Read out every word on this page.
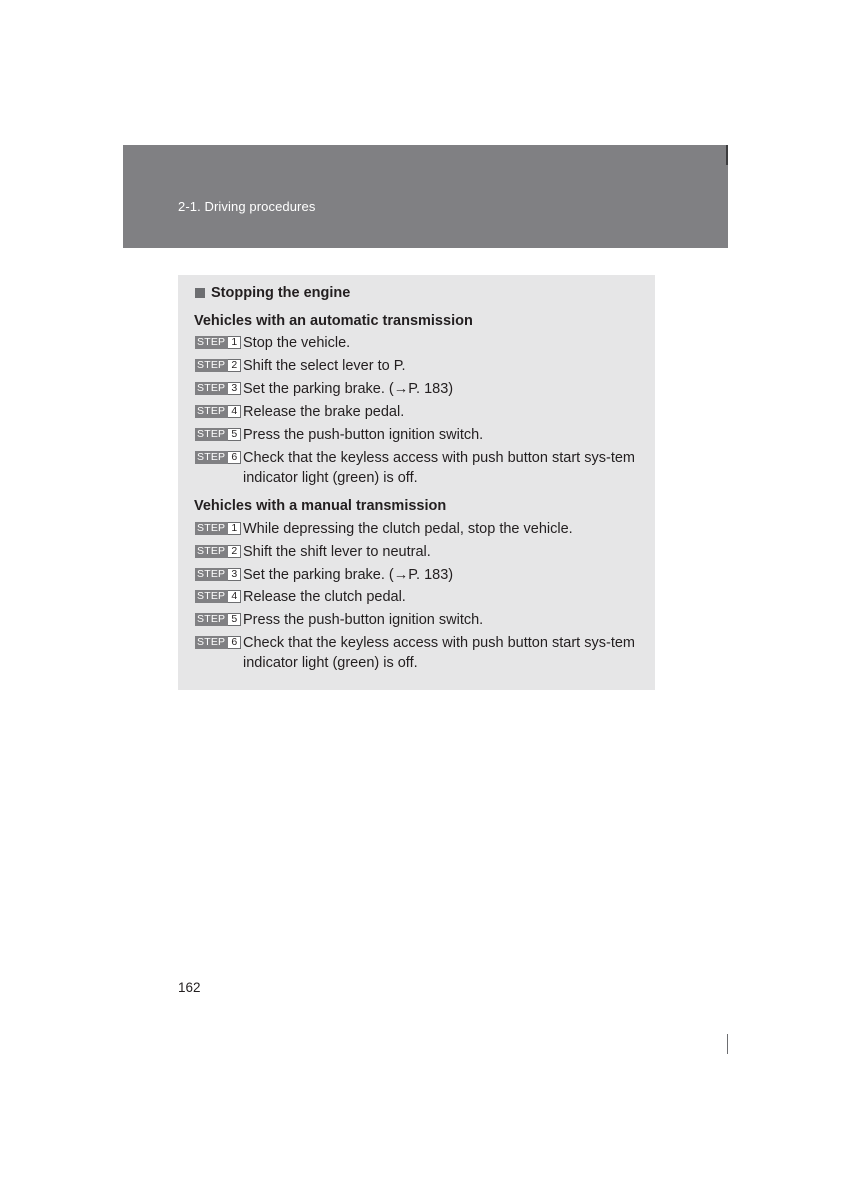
2-1. Driving procedures
Stopping the engine
Vehicles with an automatic transmission
STEP 1 Stop the vehicle.
STEP 2 Shift the select lever to P.
STEP 3 Set the parking brake. (→P. 183)
STEP 4 Release the brake pedal.
STEP 5 Press the push-button ignition switch.
STEP 6 Check that the keyless access with push button start sys-tem indicator light (green) is off.
Vehicles with a manual transmission
STEP 1 While depressing the clutch pedal, stop the vehicle.
STEP 2 Shift the shift lever to neutral.
STEP 3 Set the parking brake. (→P. 183)
STEP 4 Release the clutch pedal.
STEP 5 Press the push-button ignition switch.
STEP 6 Check that the keyless access with push button start sys-tem indicator light (green) is off.
162
